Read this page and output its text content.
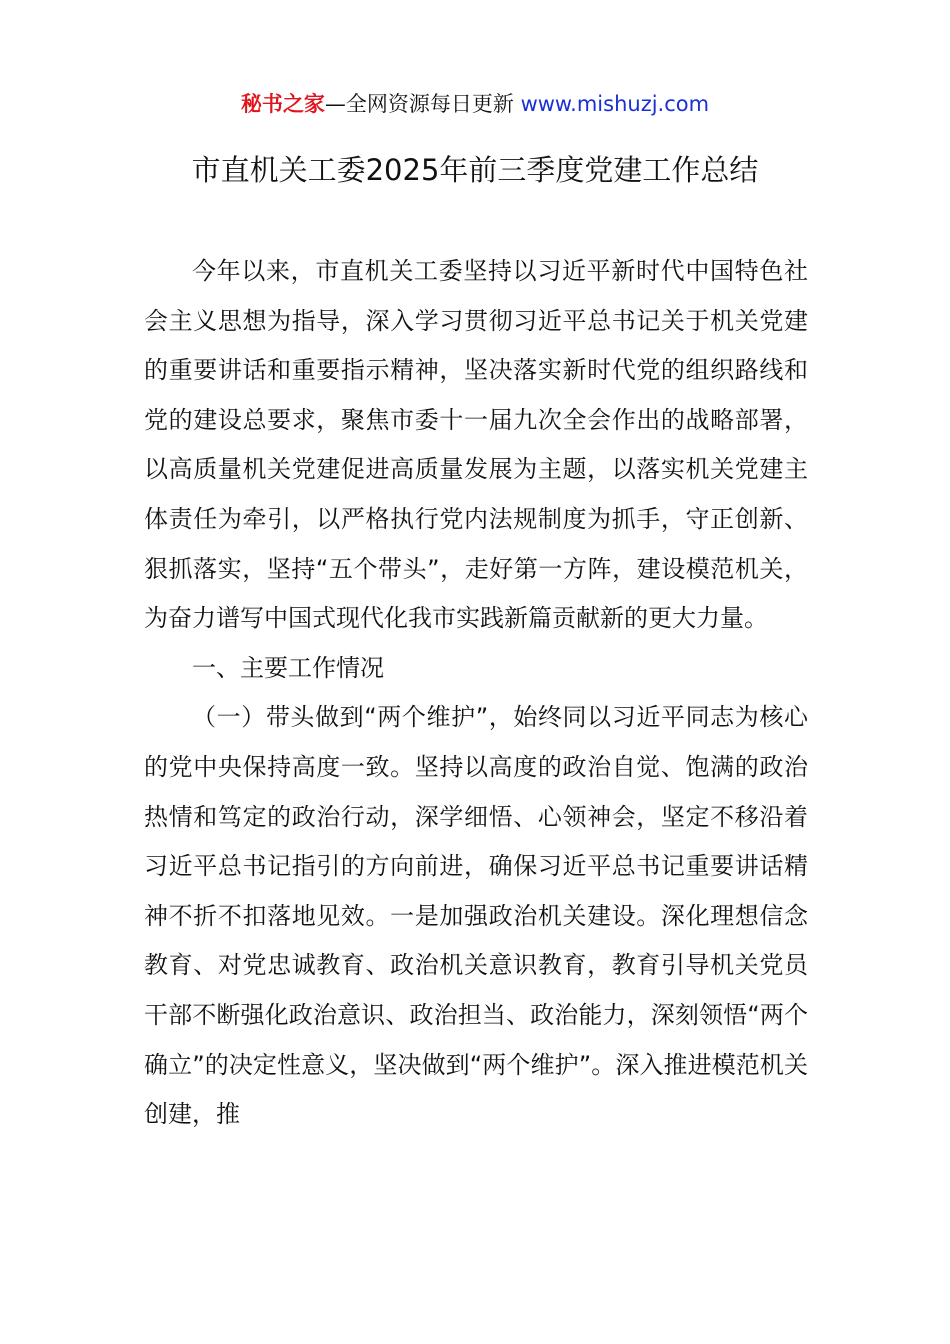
秘书之家—全网资源每日更新 www.mishuzj.com
市直机关工委2025年前三季度党建工作总结

今年以来，市直机关工委坚持以习近平新时代中国特色社会主义思想为指导，深入学习贯彻习近平总书记关于机关党建的重要讲话和重要指示精神，坚决落实新时代党的组织路线和党的建设总要求，聚焦市委十一届九次全会作出的战略部署，以高质量机关党建促进高质量发展为主题，以落实机关党建主体责任为牵引，以严格执行党内法规制度为抓手，守正创新、狠抓落实，坚持“五个带头”，走好第一方阵，建设模范机关，为奋力谱写中国式现代化我市实践新篇贡献新的更大力量。

一、主要工作情况

（一）带头做到“两个维护”，始终同以习近平同志为核心的党中央保持高度一致。坚持以高度的政治自觉、饱满的政治热情和笃定的政治行动，深学细悟、心领神会，坚定不移沿着习近平总书记指引的方向前进，确保习近平总书记重要讲话精神不折不扣落地见效。一是加强政治机关建设。深化理想信念教育、对党忠诚教育、政治机关意识教育，教育引导机关党员干部不断强化政治意识、政治担当、政治能力，深刻领悟“两个确立”的决定性意义，坚决做到“两个维护”。深入推进模范机关创建，推
